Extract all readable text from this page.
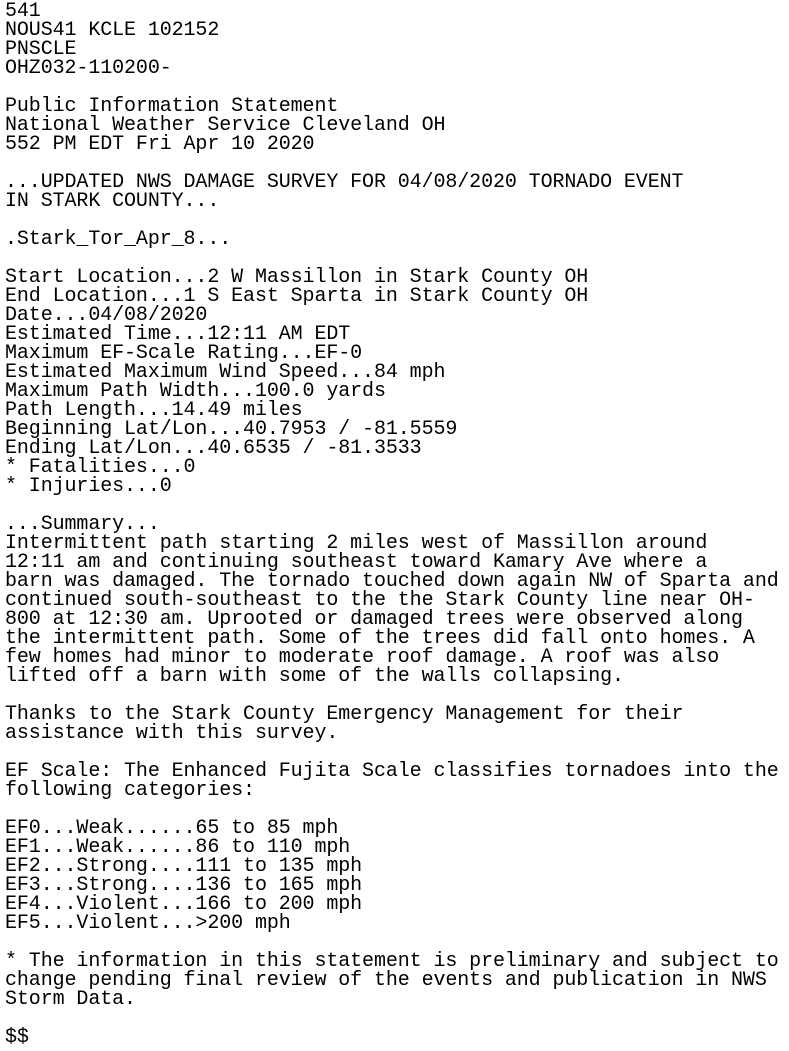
541
NOUS41 KCLE 102152
PNSCLE
OHZ032-110200-

Public Information Statement
National Weather Service Cleveland OH
552 PM EDT Fri Apr 10 2020

...UPDATED NWS DAMAGE SURVEY FOR 04/08/2020 TORNADO EVENT
IN STARK COUNTY...

.Stark_Tor_Apr_8...

Start Location...2 W Massillon in Stark County OH
End Location...1 S East Sparta in Stark County OH
Date...04/08/2020
Estimated Time...12:11 AM EDT
Maximum EF-Scale Rating...EF-0
Estimated Maximum Wind Speed...84 mph
Maximum Path Width...100.0 yards
Path Length...14.49 miles
Beginning Lat/Lon...40.7953 / -81.5559
Ending Lat/Lon...40.6535 / -81.3533
* Fatalities...0
* Injuries...0

...Summary...
Intermittent path starting 2 miles west of Massillon around
12:11 am and continuing southeast toward Kamary Ave where a
barn was damaged. The tornado touched down again NW of Sparta and
continued south-southeast to the the Stark County line near OH-
800 at 12:30 am. Uprooted or damaged trees were observed along
the intermittent path. Some of the trees did fall onto homes. A
few homes had minor to moderate roof damage. A roof was also
lifted off a barn with some of the walls collapsing.

Thanks to the Stark County Emergency Management for their
assistance with this survey.

EF Scale: The Enhanced Fujita Scale classifies tornadoes into the
following categories:

EF0...Weak......65 to 85 mph
EF1...Weak......86 to 110 mph
EF2...Strong....111 to 135 mph
EF3...Strong....136 to 165 mph
EF4...Violent...166 to 200 mph
EF5...Violent...>200 mph

* The information in this statement is preliminary and subject to
change pending final review of the events and publication in NWS
Storm Data.

$$
